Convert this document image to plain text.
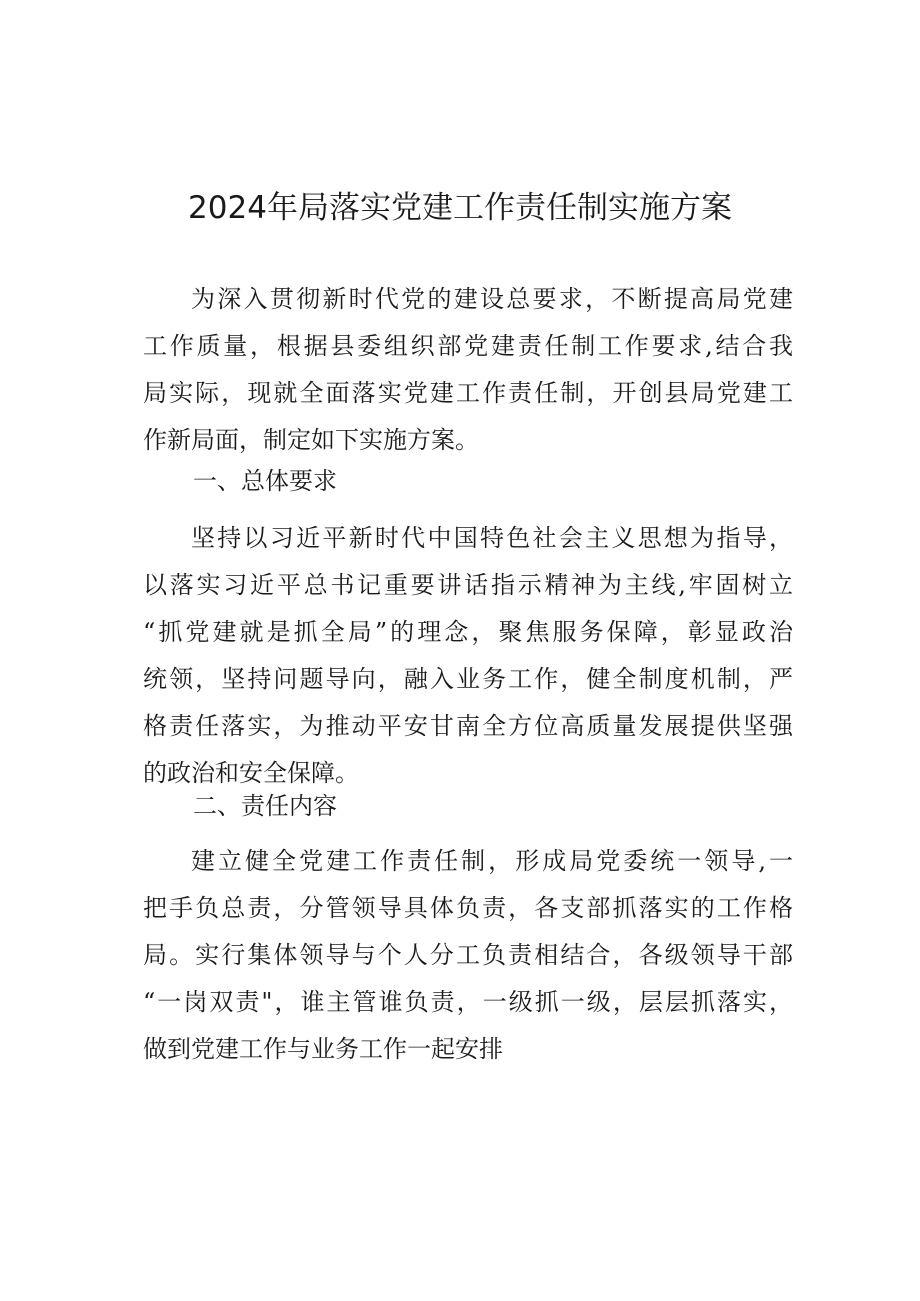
2024年局落实党建工作责任制实施方案
为深入贯彻新时代党的建设总要求，不断提高局党建
工作质量，根据县委组织部党建责任制工作要求,结合我
局实际，现就全面落实党建工作责任制，开创县局党建工
作新局面，制定如下实施方案。
一、总体要求
坚持以习近平新时代中国特色社会主义思想为指导，
以落实习近平总书记重要讲话指示精神为主线,牢固树立
“抓党建就是抓全局”的理念，聚焦服务保障，彰显政治
统领，坚持问题导向，融入业务工作，健全制度机制，严
格责任落实，为推动平安甘南全方位高质量发展提供坚强
的政治和安全保障。
二、责任内容
建立健全党建工作责任制，形成局党委统一领导,一
把手负总责，分管领导具体负责，各支部抓落实的工作格
局。实行集体领导与个人分工负责相结合，各级领导干部
“一岗双责"，谁主管谁负责，一级抓一级，层层抓落实，
做到党建工作与业务工作一起安排
